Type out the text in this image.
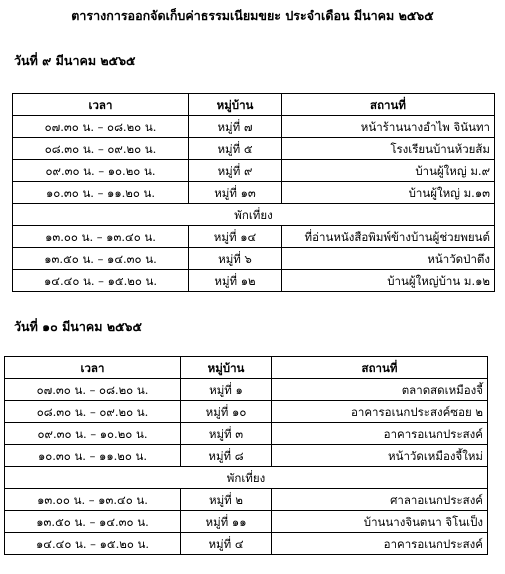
ตารางการออกจัดเก็บค่าธรรมเนียมขยะ ประจำเดือน มีนาคม ๒๕๖๕
วันที่ ๙ มีนาคม ๒๕๖๕
เวลา	หมู่บ้าน	สถานที่
๐๗.๓๐ น. – ๐๘.๒๐ น.	หมู่ที่ ๗	หน้าร้านนางอำไพ จินันทา
๐๘.๓๐ น. – ๐๙.๒๐ น.	หมู่ที่ ๕	โรงเรียนบ้านห้วยส้ม
๐๙.๓๐ น. – ๑๐.๒๐ น.	หมู่ที่ ๙	บ้านผู้ใหญ่ ม.๙
๑๐.๓๐ น. – ๑๑.๒๐ น.	หมู่ที่ ๑๓	บ้านผู้ใหญ่ ม.๑๓
พักเที่ยง		
๑๓.๐๐ น. – ๑๓.๔๐ น.	หมู่ที่ ๑๔	ที่อ่านหนังสือพิมพ์ข้างบ้านผู้ช่วยพยนต์
๑๓.๕๐ น. – ๑๔.๓๐ น.	หมู่ที่ ๖	หน้าวัดป่าตึง
๑๔.๔๐ น. – ๑๕.๒๐ น.	หมู่ที่ ๑๒	บ้านผู้ใหญ่บ้าน ม.๑๒
วันที่ ๑๐ มีนาคม ๒๕๖๕
เวลา	หมู่บ้าน	สถานที่
๐๗.๓๐ น. – ๐๘.๒๐ น.	หมู่ที่ ๑	ตลาดสดเหมืองจี้
๐๘.๓๐ น. – ๐๙.๒๐ น.	หมู่ที่ ๑๐	อาคารอเนกประสงค์ซอย ๒
๐๙.๓๐ น. – ๑๐.๒๐ น.	หมู่ที่ ๓	อาคารอเนกประสงค์
๑๐.๓๐ น. – ๑๑.๒๐ น.	หมู่ที่ ๘	หน้าวัดเหมืองจี้ใหม่
พักเที่ยง		
๑๓.๐๐ น. – ๑๓.๔๐ น.	หมู่ที่ ๒	ศาลาอเนกประสงค์
๑๓.๕๐ น. – ๑๔.๓๐ น.	หมู่ที่ ๑๑	บ้านนางจินตนา จิโนเป็ง
๑๔.๔๐ น. – ๑๕.๒๐ น.	หมู่ที่ ๔	อาคารอเนกประสงค์
